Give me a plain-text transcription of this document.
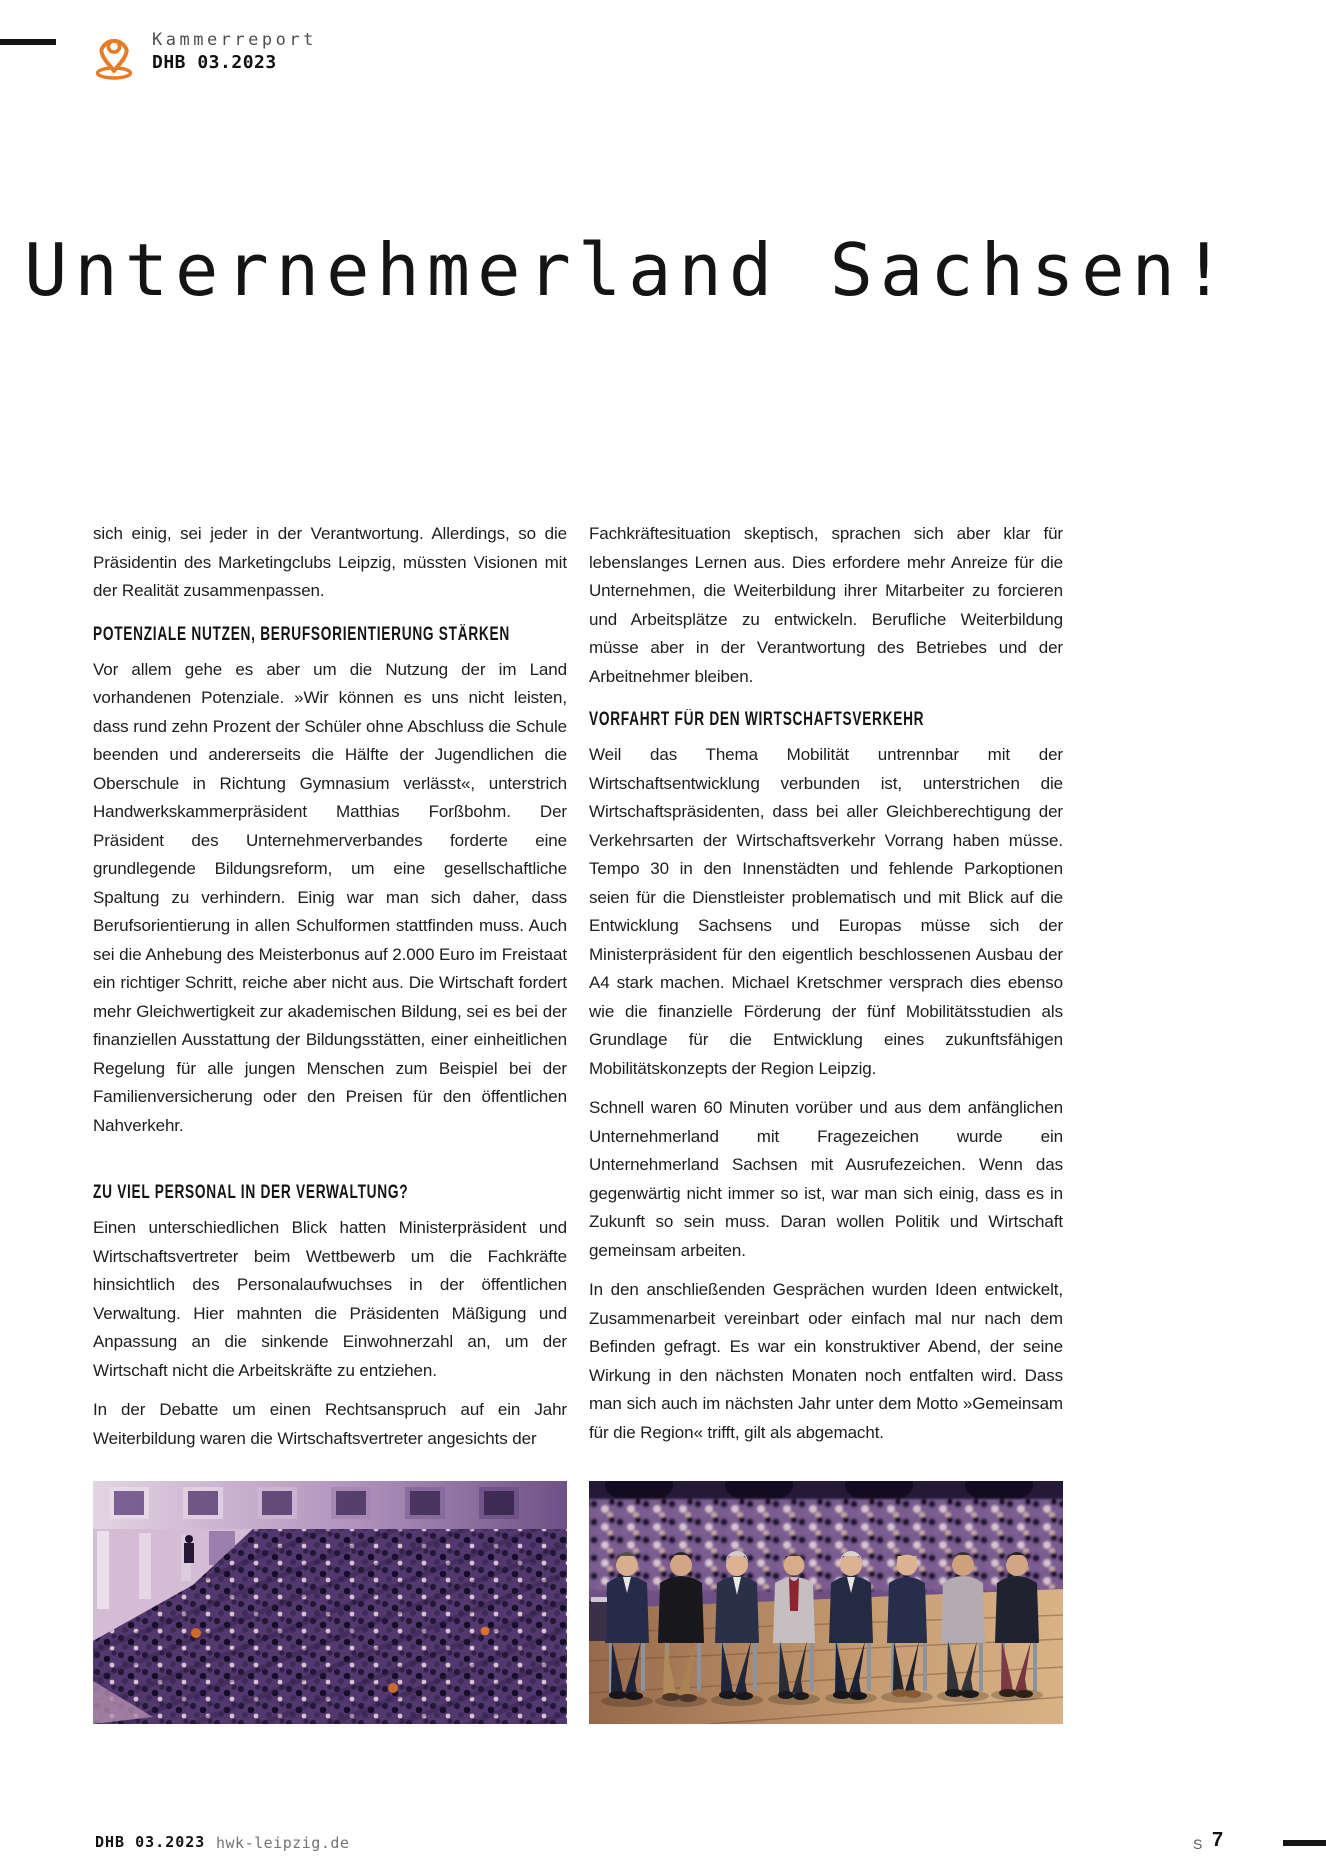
Kammerreport
DHB 03.2023
Unternehmerland Sachsen!

sich einig, sei jeder in der Verantwortung. Allerdings, so die Präsidentin des Marketingclubs Leipzig, müssten Visionen mit der Realität zusammenpassen.

POTENZIALE NUTZEN, BERUFSORIENTIERUNG STÄRKEN

Vor allem gehe es aber um die Nutzung der im Land vorhandenen Potenziale. »Wir können es uns nicht leisten, dass rund zehn Prozent der Schüler ohne Abschluss die Schule beenden und andererseits die Hälfte der Jugendlichen die Oberschule in Richtung Gymnasium verlässt«, unterstrich Handwerkskammerpräsident Matthias Forßbohm. Der Präsident des Unternehmerverbandes forderte eine grundlegende Bildungsreform, um eine gesellschaftliche Spaltung zu verhindern. Einig war man sich daher, dass Berufsorientierung in allen Schulformen stattfinden muss. Auch sei die Anhebung des Meisterbonus auf 2.000 Euro im Freistaat ein richtiger Schritt, reiche aber nicht aus. Die Wirtschaft fordert mehr Gleichwertigkeit zur akademischen Bildung, sei es bei der finanziellen Ausstattung der Bildungsstätten, einer einheitlichen Regelung für alle jungen Menschen zum Beispiel bei der Familienversicherung oder den Preisen für den öffentlichen Nahverkehr.

ZU VIEL PERSONAL IN DER VERWALTUNG?

Einen unterschiedlichen Blick hatten Ministerpräsident und Wirtschaftsvertreter beim Wettbewerb um die Fachkräfte hinsichtlich des Personalaufwuchses in der öffentlichen Verwaltung. Hier mahnten die Präsidenten Mäßigung und Anpassung an die sinkende Einwohnerzahl an, um der Wirtschaft nicht die Arbeitskräfte zu entziehen.

In der Debatte um einen Rechtsanspruch auf ein Jahr Weiterbildung waren die Wirtschaftsvertreter angesichts der

Fachkräftesituation skeptisch, sprachen sich aber klar für lebenslanges Lernen aus. Dies erfordere mehr Anreize für die Unternehmen, die Weiterbildung ihrer Mitarbeiter zu forcieren und Arbeitsplätze zu entwickeln. Berufliche Weiterbildung müsse aber in der Verantwortung des Betriebes und der Arbeitnehmer bleiben.

VORFAHRT FÜR DEN WIRTSCHAFTSVERKEHR

Weil das Thema Mobilität untrennbar mit der Wirtschaftsentwicklung verbunden ist, unterstrichen die Wirtschaftspräsidenten, dass bei aller Gleichberechtigung der Verkehrsarten der Wirtschaftsverkehr Vorrang haben müsse. Tempo 30 in den Innenstädten und fehlende Parkoptionen seien für die Dienstleister problematisch und mit Blick auf die Entwicklung Sachsens und Europas müsse sich der Ministerpräsident für den eigentlich beschlossenen Ausbau der A4 stark machen. Michael Kretschmer versprach dies ebenso wie die finanzielle Förderung der fünf Mobilitätsstudien als Grundlage für die Entwicklung eines zukunftsfähigen Mobilitätskonzepts der Region Leipzig.

Schnell waren 60 Minuten vorüber und aus dem anfänglichen Unternehmerland mit Fragezeichen wurde ein Unternehmerland Sachsen mit Ausrufezeichen. Wenn das gegenwärtig nicht immer so ist, war man sich einig, dass es in Zukunft so sein muss. Daran wollen Politik und Wirtschaft gemeinsam arbeiten.

In den anschließenden Gesprächen wurden Ideen entwickelt, Zusammenarbeit vereinbart oder einfach mal nur nach dem Befinden gefragt. Es war ein konstruktiver Abend, der seine Wirkung in den nächsten Monaten noch entfalten wird. Dass man sich auch im nächsten Jahr unter dem Motto »Gemeinsam für die Region« trifft, gilt als abgemacht.

DHB 03.2023 hwk-leipzig.de	S 7
